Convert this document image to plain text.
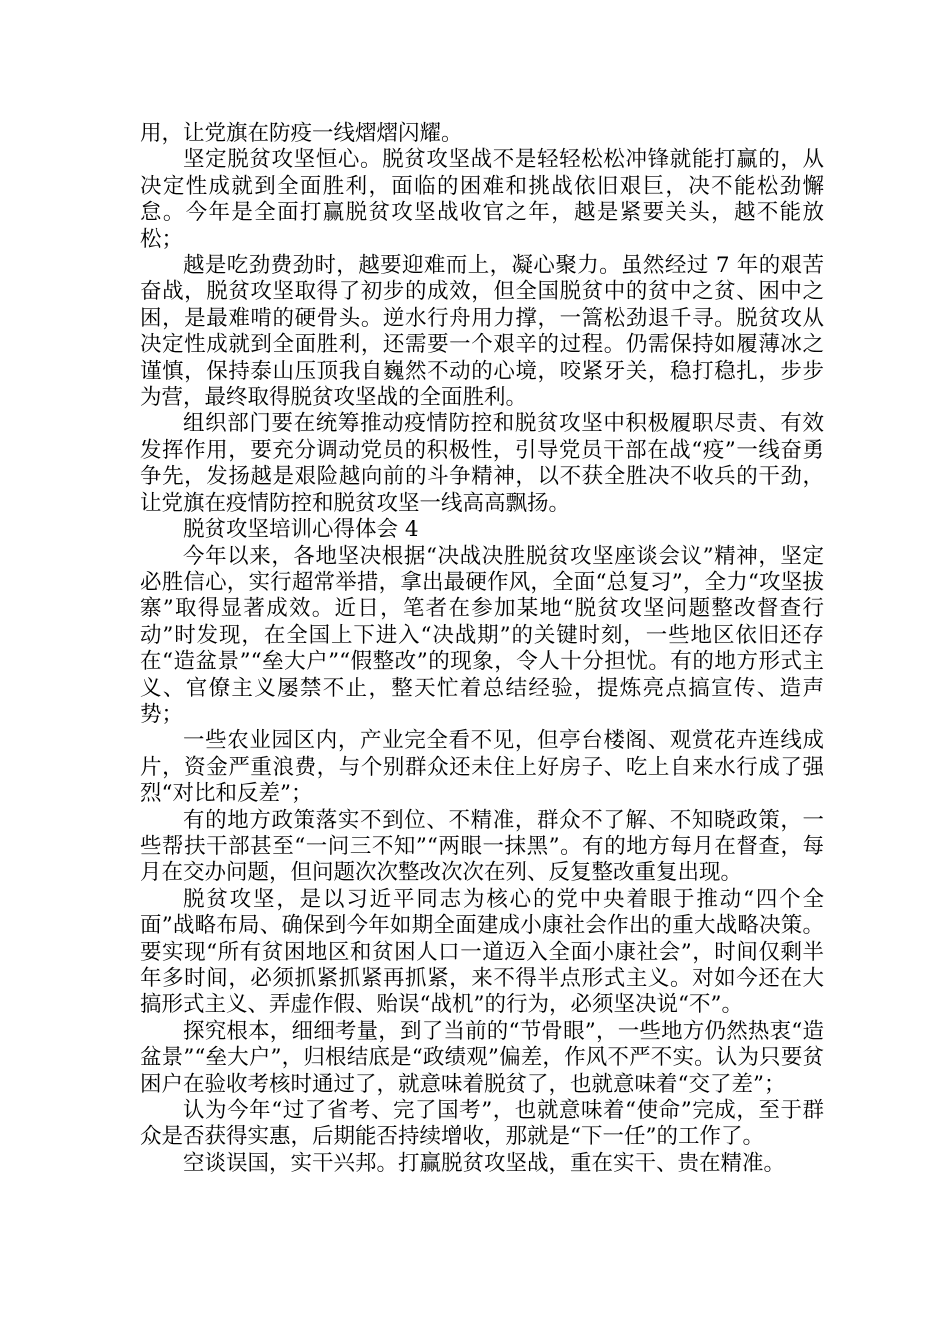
用，让党旗在防疫一线熠熠闪耀。

坚定脱贫攻坚恒心。脱贫攻坚战不是轻轻松松冲锋就能打赢的，从决定性成就到全面胜利，面临的困难和挑战依旧艰巨，决不能松劲懈怠。今年是全面打赢脱贫攻坚战收官之年，越是紧要关头，越不能放松；

越是吃劲费劲时，越要迎难而上，凝心聚力。虽然经过 7 年的艰苦奋战，脱贫攻坚取得了初步的成效，但全国脱贫中的贫中之贫、困中之困，是最难啃的硬骨头。逆水行舟用力撑，一篙松劲退千寻。脱贫攻从决定性成就到全面胜利，还需要一个艰辛的过程。仍需保持如履薄冰之谨慎，保持泰山压顶我自巍然不动的心境，咬紧牙关，稳打稳扎，步步为营，最终取得脱贫攻坚战的全面胜利。

组织部门要在统筹推动疫情防控和脱贫攻坚中积极履职尽责、有效发挥作用，要充分调动党员的积极性，引导党员干部在战“疫”一线奋勇争先，发扬越是艰险越向前的斗争精神，以不获全胜决不收兵的干劲，让党旗在疫情防控和脱贫攻坚一线高高飘扬。

脱贫攻坚培训心得体会 4

今年以来，各地坚决根据“决战决胜脱贫攻坚座谈会议”精神，坚定必胜信心，实行超常举措，拿出最硬作风，全面“总复习”，全力“攻坚拔寨”取得显著成效。近日，笔者在参加某地“脱贫攻坚问题整改督查行动”时发现，在全国上下进入“决战期”的关键时刻，一些地区依旧还存在“造盆景”“垒大户”“假整改”的现象，令人十分担忧。有的地方形式主义、官僚主义屡禁不止，整天忙着总结经验，提炼亮点搞宣传、造声势；

一些农业园区内，产业完全看不见，但亭台楼阁、观赏花卉连线成片，资金严重浪费，与个别群众还未住上好房子、吃上自来水行成了强烈“对比和反差”；

有的地方政策落实不到位、不精准，群众不了解、不知晓政策，一些帮扶干部甚至“一问三不知”“两眼一抹黑”。有的地方每月在督查，每月在交办问题，但问题次次整改次次在列、反复整改重复出现。

脱贫攻坚，是以习近平同志为核心的党中央着眼于推动“四个全面”战略布局、确保到今年如期全面建成小康社会作出的重大战略决策。要实现“所有贫困地区和贫困人口一道迈入全面小康社会”，时间仅剩半年多时间，必须抓紧抓紧再抓紧，来不得半点形式主义。对如今还在大搞形式主义、弄虚作假、贻误“战机”的行为，必须坚决说“不”。

探究根本，细细考量，到了当前的“节骨眼”，一些地方仍然热衷“造盆景”“垒大户”，归根结底是“政绩观”偏差，作风不严不实。认为只要贫困户在验收考核时通过了，就意味着脱贫了，也就意味着“交了差”；

认为今年“过了省考、完了国考”，也就意味着“使命”完成，至于群众是否获得实惠，后期能否持续增收，那就是“下一任”的工作了。

空谈误国，实干兴邦。打赢脱贫攻坚战，重在实干、贵在精准。
